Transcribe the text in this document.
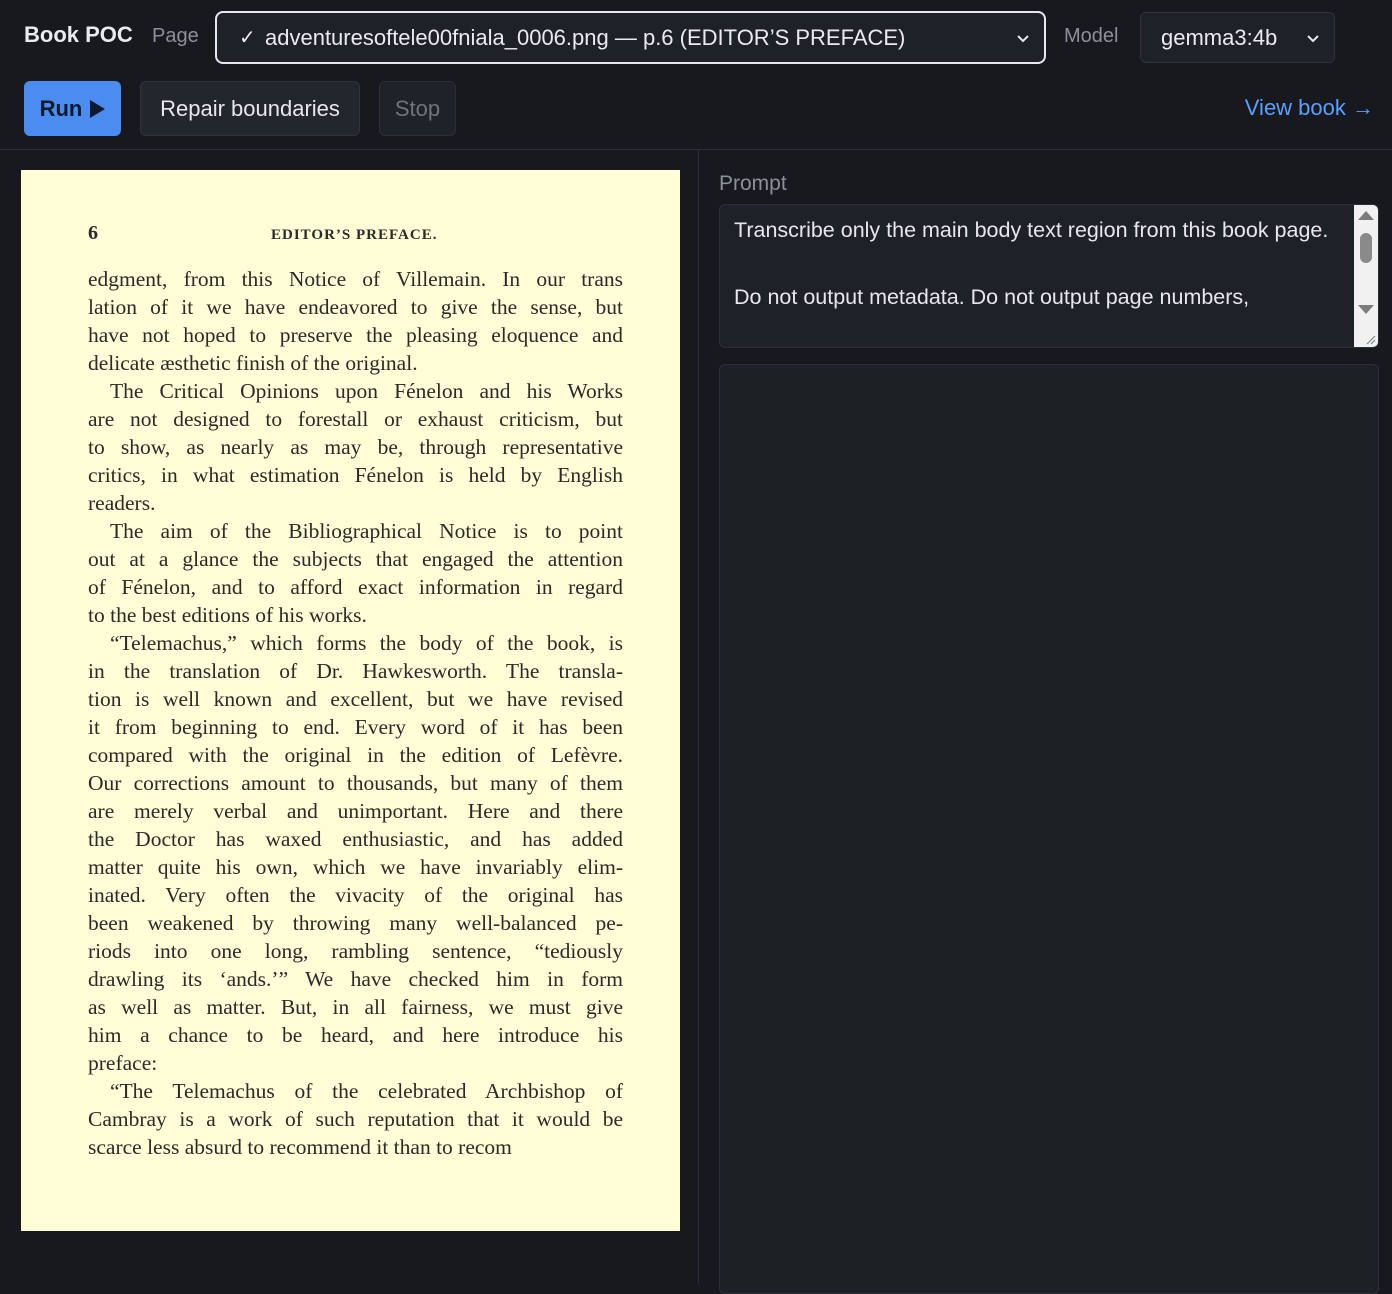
Book POC Page ✓ adventuresoftele00fniala_0006.png — p.6 (EDITOR’S PREFACE)	Model gemma3:4b
Run	Repair boundaries	Stop	View book →
6	EDITOR’S PREFACE.
edgment, from this Notice of Villemain. In our trans
lation of it we have endeavored to give the sense, but
have not hoped to preserve the pleasing eloquence and
delicate æsthetic finish of the original.
The Critical Opinions upon Fénelon and his Works
are not designed to forestall or exhaust criticism, but
to show, as nearly as may be, through representative
critics, in what estimation Fénelon is held by English
readers.
The aim of the Bibliographical Notice is to point
out at a glance the subjects that engaged the attention
of Fénelon, and to afford exact information in regard
to the best editions of his works.
“Telemachus,” which forms the body of the book, is
in the translation of Dr. Hawkesworth. The transla-
tion is well known and excellent, but we have revised
it from beginning to end. Every word of it has been
compared with the original in the edition of Lefèvre.
Our corrections amount to thousands, but many of them
are merely verbal and unimportant. Here and there
the Doctor has waxed enthusiastic, and has added
matter quite his own, which we have invariably elim-
inated. Very often the vivacity of the original has
been weakened by throwing many well-balanced pe-
riods into one long, rambling sentence, “tediously
drawling its ‘ands.’” We have checked him in form
as well as matter. But, in all fairness, we must give
him a chance to be heard, and here introduce his
preface:
“The Telemachus of the celebrated Archbishop of
Cambray is a work of such reputation that it would be
scarce less absurd to recommend it than to recom
Prompt

Transcribe only the main body text region from this book page.

Do not output metadata. Do not output page numbers,
